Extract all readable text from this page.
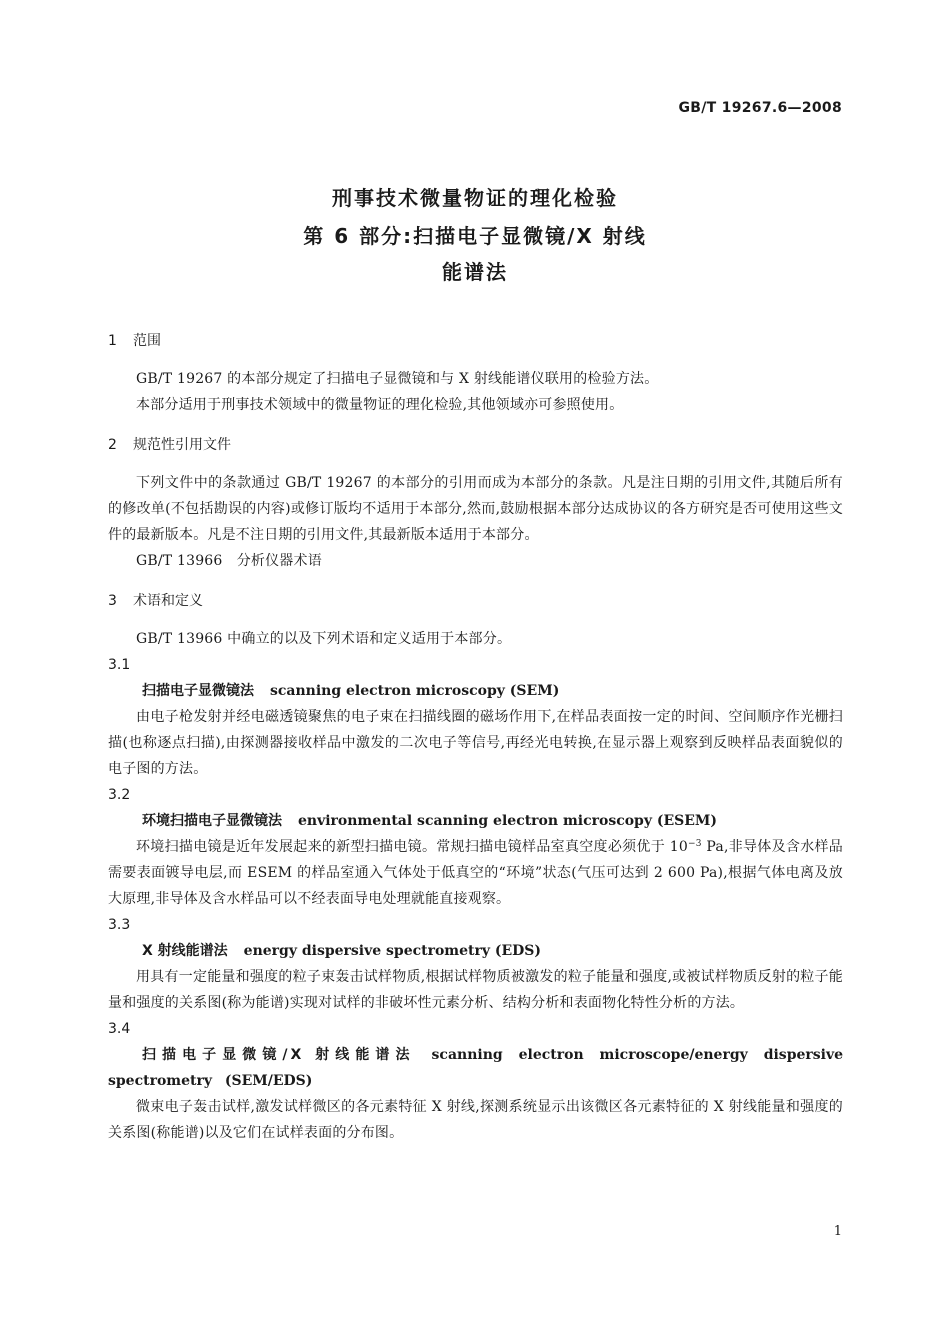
GB/T 19267.6—2008
刑事技术微量物证的理化检验
第 6 部分:扫描电子显微镜/X 射线
能谱法

1 范围

GB/T 19267 的本部分规定了扫描电子显微镜和与 X 射线能谱仪联用的检验方法。

本部分适用于刑事技术领域中的微量物证的理化检验,其他领域亦可参照使用。

2 规范性引用文件

下列文件中的条款通过 GB/T 19267 的本部分的引用而成为本部分的条款。凡是注日期的引用文件,其随后所有的修改单(不包括勘误的内容)或修订版均不适用于本部分,然而,鼓励根据本部分达成协议的各方研究是否可使用这些文件的最新版本。凡是不注日期的引用文件,其最新版本适用于本部分。

GB/T 13966　分析仪器术语

3 术语和定义

GB/T 13966 中确立的以及下列术语和定义适用于本部分。

3.1

扫描电子显微镜法 scanning electron microscopy (SEM)

由电子枪发射并经电磁透镜聚焦的电子束在扫描线圈的磁场作用下,在样品表面按一定的时间、空间顺序作光栅扫描(也称逐点扫描),由探测器接收样品中激发的二次电子等信号,再经光电转换,在显示器上观察到反映样品表面貌似的电子图的方法。

3.2

环境扫描电子显微镜法 environmental scanning electron microscopy (ESEM)

环境扫描电镜是近年发展起来的新型扫描电镜。常规扫描电镜样品室真空度必须优于 $10^{-3}$ Pa,非导体及含水样品需要表面镀导电层,而 ESEM 的样品室通入气体处于低真空的“环境”状态(气压可达到 2 600 Pa),根据气体电离及放大原理,非导体及含水样品可以不经表面导电处理就能直接观察。

3.3

X 射线能谱法 energy dispersive spectrometry (EDS)

用具有一定能量和强度的粒子束轰击试样物质,根据试样物质被激发的粒子能量和强度,或被试样物质反射的粒子能量和强度的关系图(称为能谱)实现对试样的非破坏性元素分析、结构分析和表面物化特性分析的方法。

3.4

扫描电子显微镜/X 射线能谱法 scanning electron microscope/energy dispersive spectrometry (SEM/EDS)

微束电子轰击试样,激发试样微区的各元素特征 X 射线,探测系统显示出该微区各元素特征的 X 射线能量和强度的关系图(称能谱)以及它们在试样表面的分布图。

1
